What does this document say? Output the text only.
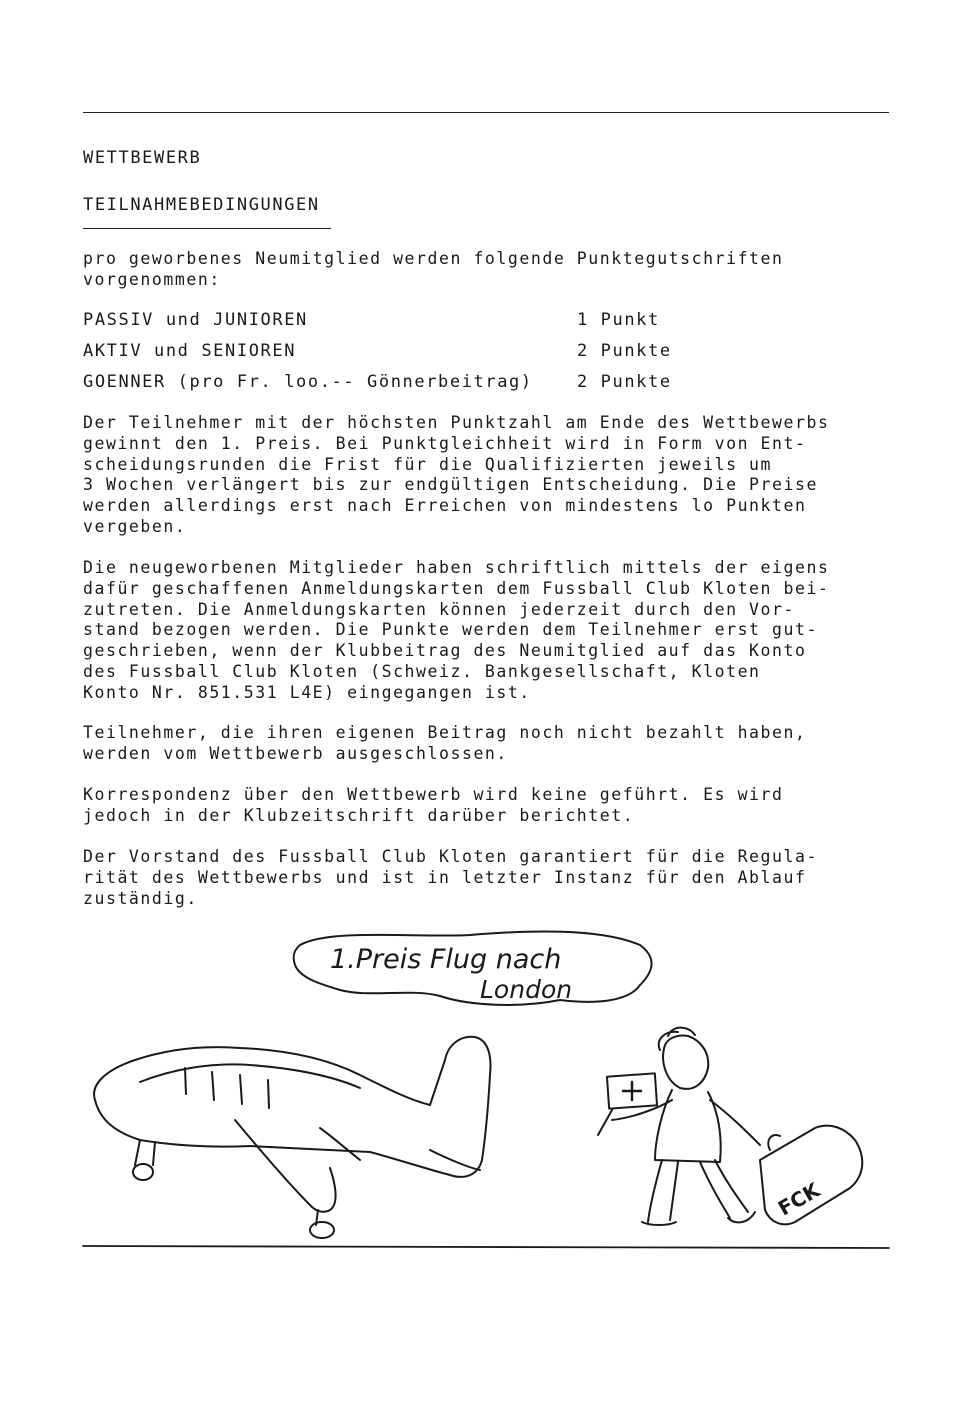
WETTBEWERB
TEILNAHMEBEDINGUNGEN
pro geworbenes Neumitglied werden folgende Punktegutschriften
vorgenommen:
PASSIV und JUNIOREN	1 Punkt
AKTIV und SENIOREN	2 Punkte
GOENNER (pro Fr. loo.-- Gönnerbeitrag)	2 Punkte
Der Teilnehmer mit der höchsten Punktzahl am Ende des Wettbewerbs
gewinnt den 1. Preis. Bei Punktgleichheit wird in Form von Ent-
scheidungsrunden die Frist für die Qualifizierten jeweils um
3 Wochen verlängert bis zur endgültigen Entscheidung. Die Preise
werden allerdings erst nach Erreichen von mindestens lo Punkten
vergeben.
Die neugeworbenen Mitglieder haben schriftlich mittels der eigens
dafür geschaffenen Anmeldungskarten dem Fussball Club Kloten bei-
zutreten. Die Anmeldungskarten können jederzeit durch den Vor-
stand bezogen werden. Die Punkte werden dem Teilnehmer erst gut-
geschrieben, wenn der Klubbeitrag des Neumitglied auf das Konto
des Fussball Club Kloten (Schweiz. Bankgesellschaft, Kloten
Konto Nr. 851.531 L4E) eingegangen ist.
Teilnehmer, die ihren eigenen Beitrag noch nicht bezahlt haben,
werden vom Wettbewerb ausgeschlossen.
Korrespondenz über den Wettbewerb wird keine geführt. Es wird
jedoch in der Klubzeitschrift darüber berichtet.
Der Vorstand des Fussball Club Kloten garantiert für die Regula-
rität des Wettbewerbs und ist in letzter Instanz für den Ablauf
zuständig.
1.Preis Flug nach
London
FCK
